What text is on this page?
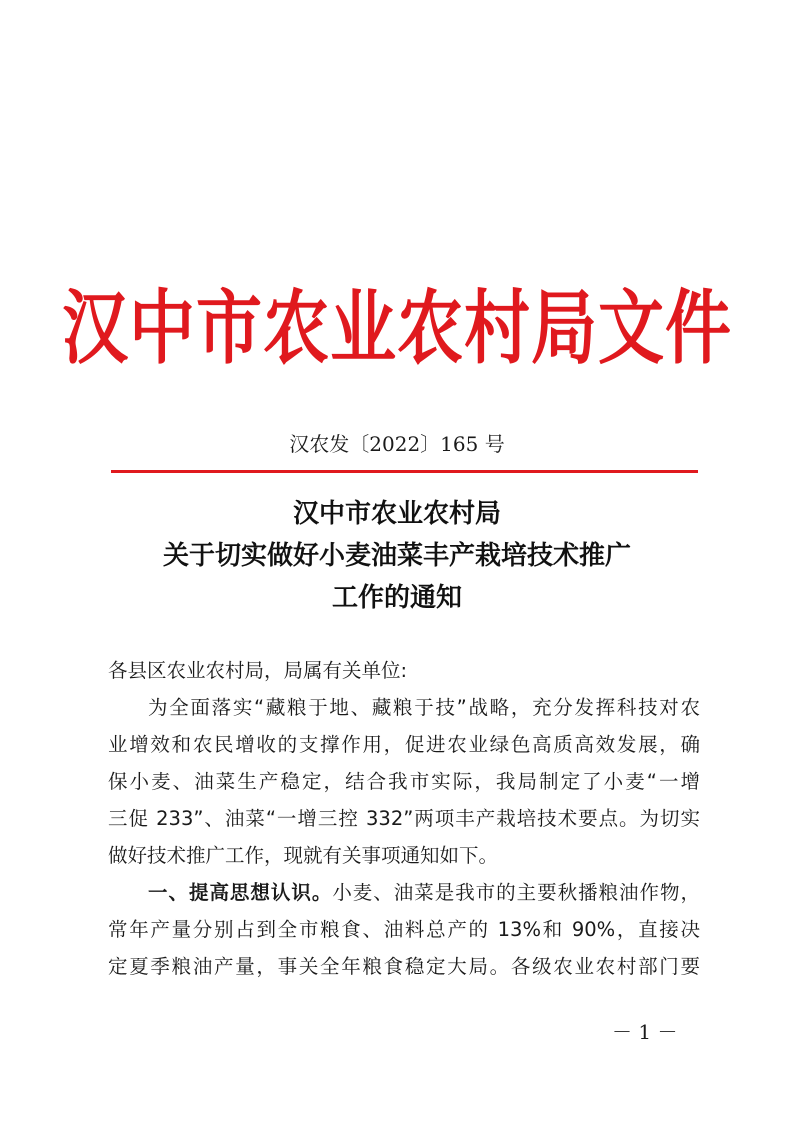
汉中市农业农村局文件
汉农发〔2022〕165 号
汉中市农业农村局
关于切实做好小麦油菜丰产栽培技术推广
工作的通知
各县区农业农村局，局属有关单位:
为全面落实“藏粮于地、藏粮于技”战略，充分发挥科技对农
业增效和农民增收的支撑作用，促进农业绿色高质高效发展，确
保小麦、油菜生产稳定，结合我市实际，我局制定了小麦“一增
三促 233”、油菜“一增三控 332”两项丰产栽培技术要点。为切实
做好技术推广工作，现就有关事项通知如下。
一、提高思想认识。小麦、油菜是我市的主要秋播粮油作物，
常年产量分别占到全市粮食、油料总产的 13%和 90%，直接决
定夏季粮油产量，事关全年粮食稳定大局。各级农业农村部门要
－ 1 －
